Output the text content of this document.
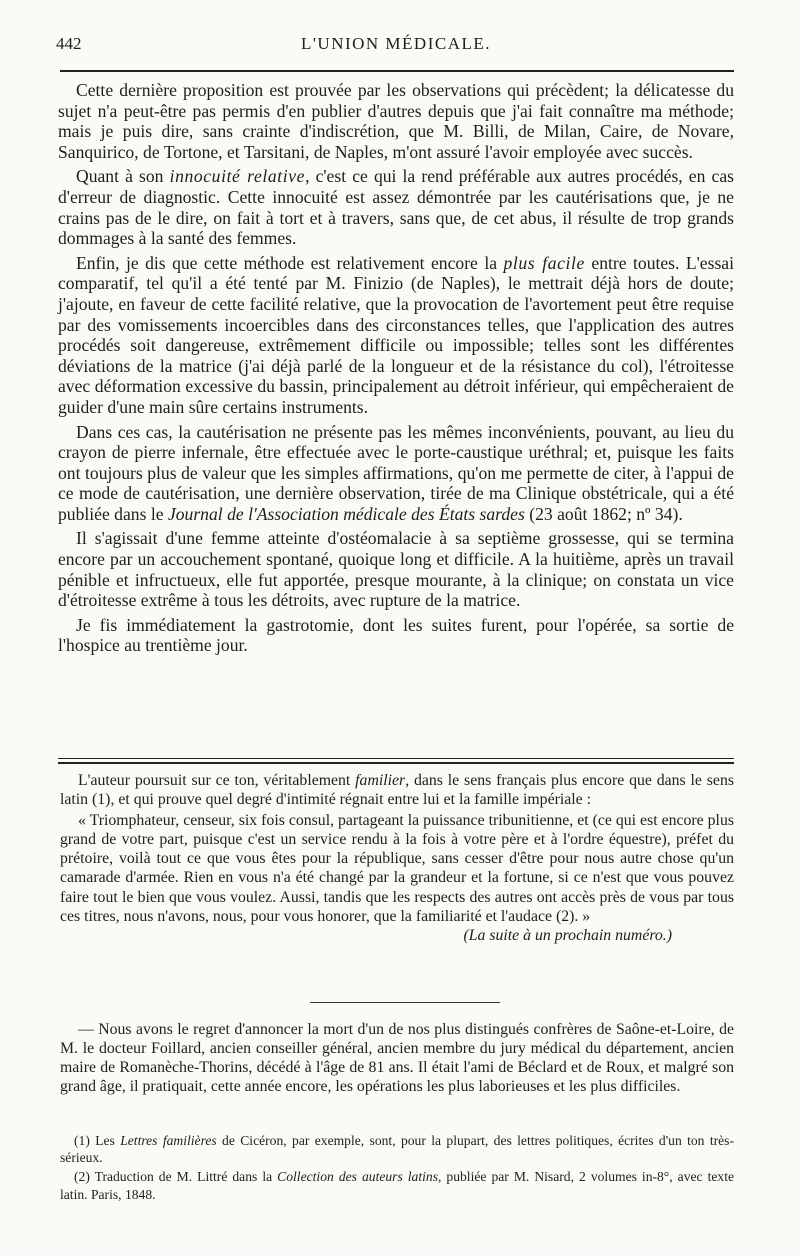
442	L'UNION MÉDICALE.

Cette dernière proposition est prouvée par les observations qui précèdent; la délicatesse du sujet n'a peut-être pas permis d'en publier d'autres depuis que j'ai fait connaître ma méthode; mais je puis dire, sans crainte d'indiscrétion, que M. Billi, de Milan, Caire, de Novare, Sanquirico, de Tortone, et Tarsitani, de Naples, m'ont assuré l'avoir employée avec succès.

Quant à son innocuité relative, c'est ce qui la rend préférable aux autres procédés, en cas d'erreur de diagnostic. Cette innocuité est assez démontrée par les cautérisations que, je ne crains pas de le dire, on fait à tort et à travers, sans que, de cet abus, il résulte de trop grands dommages à la santé des femmes.

Enfin, je dis que cette méthode est relativement encore la plus facile entre toutes. L'essai comparatif, tel qu'il a été tenté par M. Finizio (de Naples), le mettrait déjà hors de doute; j'ajoute, en faveur de cette facilité relative, que la provocation de l'avortement peut être requise par des vomissements incoercibles dans des circonstances telles, que l'application des autres procédés soit dangereuse, extrêmement difficile ou impossible; telles sont les différentes déviations de la matrice (j'ai déjà parlé de la longueur et de la résistance du col), l'étroitesse avec déformation excessive du bassin, principalement au détroit inférieur, qui empêcheraient de guider d'une main sûre certains instruments.

Dans ces cas, la cautérisation ne présente pas les mêmes inconvénients, pouvant, au lieu du crayon de pierre infernale, être effectuée avec le porte-caustique uréthral; et, puisque les faits ont toujours plus de valeur que les simples affirmations, qu'on me permette de citer, à l'appui de ce mode de cautérisation, une dernière observation, tirée de ma Clinique obstétricale, qui a été publiée dans le Journal de l'Association médicale des États sardes (23 août 1862; nº 34).

Il s'agissait d'une femme atteinte d'ostéomalacie à sa septième grossesse, qui se termina encore par un accouchement spontané, quoique long et difficile. A la huitième, après un travail pénible et infructueux, elle fut apportée, presque mourante, à la clinique; on constata un vice d'étroitesse extrême à tous les détroits, avec rupture de la matrice.

Je fis immédiatement la gastrotomie, dont les suites furent, pour l'opérée, sa sortie de l'hospice au trentième jour.

L'auteur poursuit sur ce ton, véritablement familier, dans le sens français plus encore que dans le sens latin (1), et qui prouve quel degré d'intimité régnait entre lui et la famille impériale :

« Triomphateur, censeur, six fois consul, partageant la puissance tribunitienne, et (ce qui est encore plus grand de votre part, puisque c'est un service rendu à la fois à votre père et à l'ordre équestre), préfet du prétoire, voilà tout ce que vous êtes pour la république, sans cesser d'être pour nous autre chose qu'un camarade d'armée. Rien en vous n'a été changé par la grandeur et la fortune, si ce n'est que vous pouvez faire tout le bien que vous voulez. Aussi, tandis que les respects des autres ont accès près de vous par tous ces titres, nous n'avons, nous, pour vous honorer, que la familiarité et l'audace (2). »

(La suite à un prochain numéro.)

— Nous avons le regret d'annoncer la mort d'un de nos plus distingués confrères de Saône-et-Loire, de M. le docteur Foillard, ancien conseiller général, ancien membre du jury médical du département, ancien maire de Romanèche-Thorins, décédé à l'âge de 81 ans. Il était l'ami de Béclard et de Roux, et malgré son grand âge, il pratiquait, cette année encore, les opérations les plus laborieuses et les plus difficiles.

(1) Les Lettres familières de Cicéron, par exemple, sont, pour la plupart, des lettres politiques, écrites d'un ton très-sérieux.

(2) Traduction de M. Littré dans la Collection des auteurs latins, publiée par M. Nisard, 2 volumes in-8°, avec texte latin. Paris, 1848.
